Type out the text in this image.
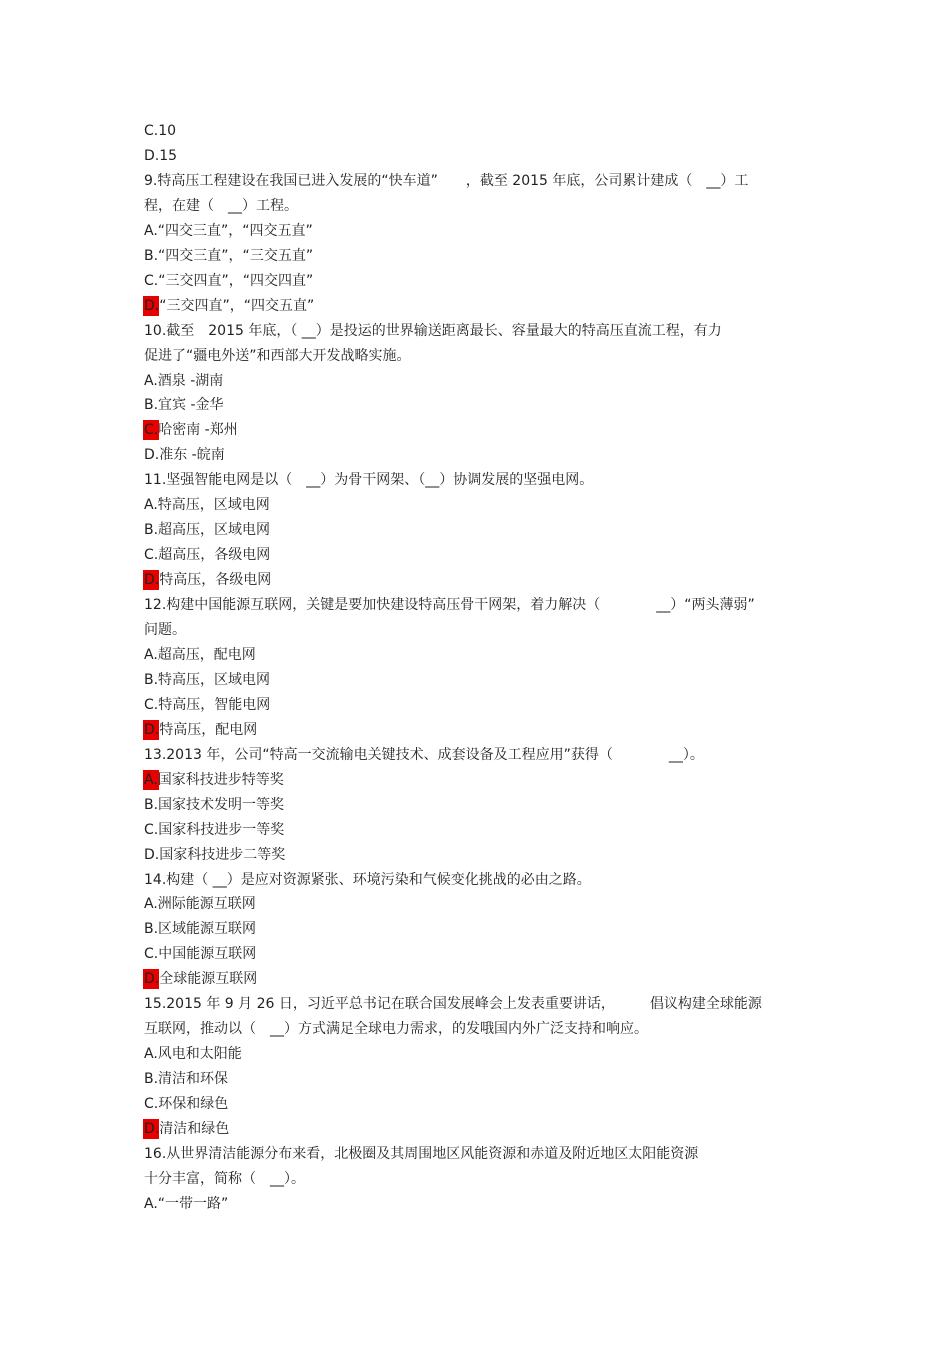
C.10
D.15
9.特高压工程建设在我国已进入发展的“快车道”　　，截至 2015 年底，公司累计建成（　__）工
程，在建（　__）工程。
A.“四交三直”，“四交五直”
B.“四交三直”，“三交五直”
C.“三交四直”，“四交四直”
D.“三交四直”，“四交五直”
10.截至　2015 年底，（ __）是投运的世界输送距离最长、容量最大的特高压直流工程，有力
促进了“疆电外送”和西部大开发战略实施。
A.酒泉 -湖南
B.宜宾 -金华
C.哈密南 -郑州
D.准东 -皖南
11.坚强智能电网是以（　__）为骨干网架、（__）协调发展的坚强电网。
A.特高压，区域电网
B.超高压，区域电网
C.超高压，各级电网
D.特高压，各级电网
12.构建中国能源互联网，关键是要加快建设特高压骨干网架，着力解决（　　　　__）“两头薄弱”
问题。
A.超高压，配电网
B.特高压，区域电网
C.特高压，智能电网
D.特高压，配电网
13.2013 年，公司“特高一交流输电关键技术、成套设备及工程应用”获得（　　　　__）。
A.国家科技进步特等奖
B.国家技术发明一等奖
C.国家科技进步一等奖
D.国家科技进步二等奖
14.构建（ __）是应对资源紧张、环境污染和气候变化挑战的必由之路。
A.洲际能源互联网
B.区域能源互联网
C.中国能源互联网
D.全球能源互联网
15.2015 年 9 月 26 日，习近平总书记在联合国发展峰会上发表重要讲话，　　　倡议构建全球能源
互联网，推动以（　__）方式满足全球电力需求，的发哦国内外广泛支持和响应。
A.风电和太阳能
B.清洁和环保
C.环保和绿色
D.清洁和绿色
16.从世界清洁能源分布来看，北极圈及其周围地区风能资源和赤道及附近地区太阳能资源
十分丰富，简称（　__）。
A.“一带一路”
